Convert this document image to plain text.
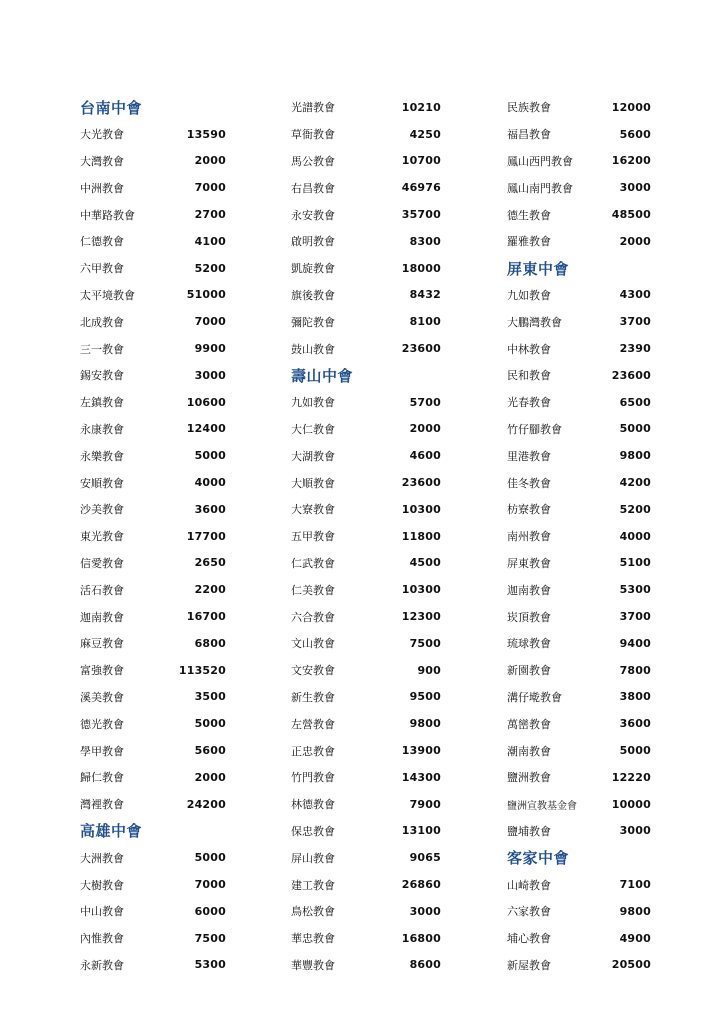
台南中會
大光教會	13590
大灣教會	2000
中洲教會	7000
中華路教會	2700
仁德教會	4100
六甲教會	5200
太平境教會	51000
北成教會	7000
三一教會	9900
錫安教會	3000
左鎮教會	10600
永康教會	12400
永樂教會	5000
安順教會	4000
沙美教會	3600
東光教會	17700
信愛教會	2650
活石教會	2200
迦南教會	16700
麻豆教會	6800
富強教會	113520
溪美教會	3500
德光教會	5000
學甲教會	5600
歸仁教會	2000
灣裡教會	24200
高雄中會
大洲教會	5000
大樹教會	7000
中山教會	6000
內惟教會	7500
永新教會	5300
光譜教會	10210
草衙教會	4250
馬公教會	10700
右昌教會	46976
永安教會	35700
啟明教會	8300
凱旋教會	18000
旗後教會	8432
彌陀教會	8100
鼓山教會	23600
壽山中會
九如教會	5700
大仁教會	2000
大湖教會	4600
大順教會	23600
大寮教會	10300
五甲教會	11800
仁武教會	4500
仁美教會	10300
六合教會	12300
文山教會	7500
文安教會	900
新生教會	9500
左營教會	9800
正忠教會	13900
竹門教會	14300
林德教會	7900
保忠教會	13100
屏山教會	9065
建工教會	26860
鳥松教會	3000
華忠教會	16800
華豐教會	8600
民族教會	12000
福昌教會	5600
鳳山西門教會	16200
鳳山南門教會	3000
德生教會	48500
羅雅教會	2000
屏東中會
九如教會	4300
大鵬灣教會	3700
中林教會	2390
民和教會	23600
光春教會	6500
竹仔腳教會	5000
里港教會	9800
佳冬教會	4200
枋寮教會	5200
南州教會	4000
屏東教會	5100
迦南教會	5300
崁頂教會	3700
琉球教會	9400
新園教會	7800
溝仔墘教會	3800
萬巒教會	3600
潮南教會	5000
鹽洲教會	12220
鹽洲宣教基金會	10000
鹽埔教會	3000
客家中會
山崎教會	7100
六家教會	9800
埔心教會	4900
新屋教會	20500
